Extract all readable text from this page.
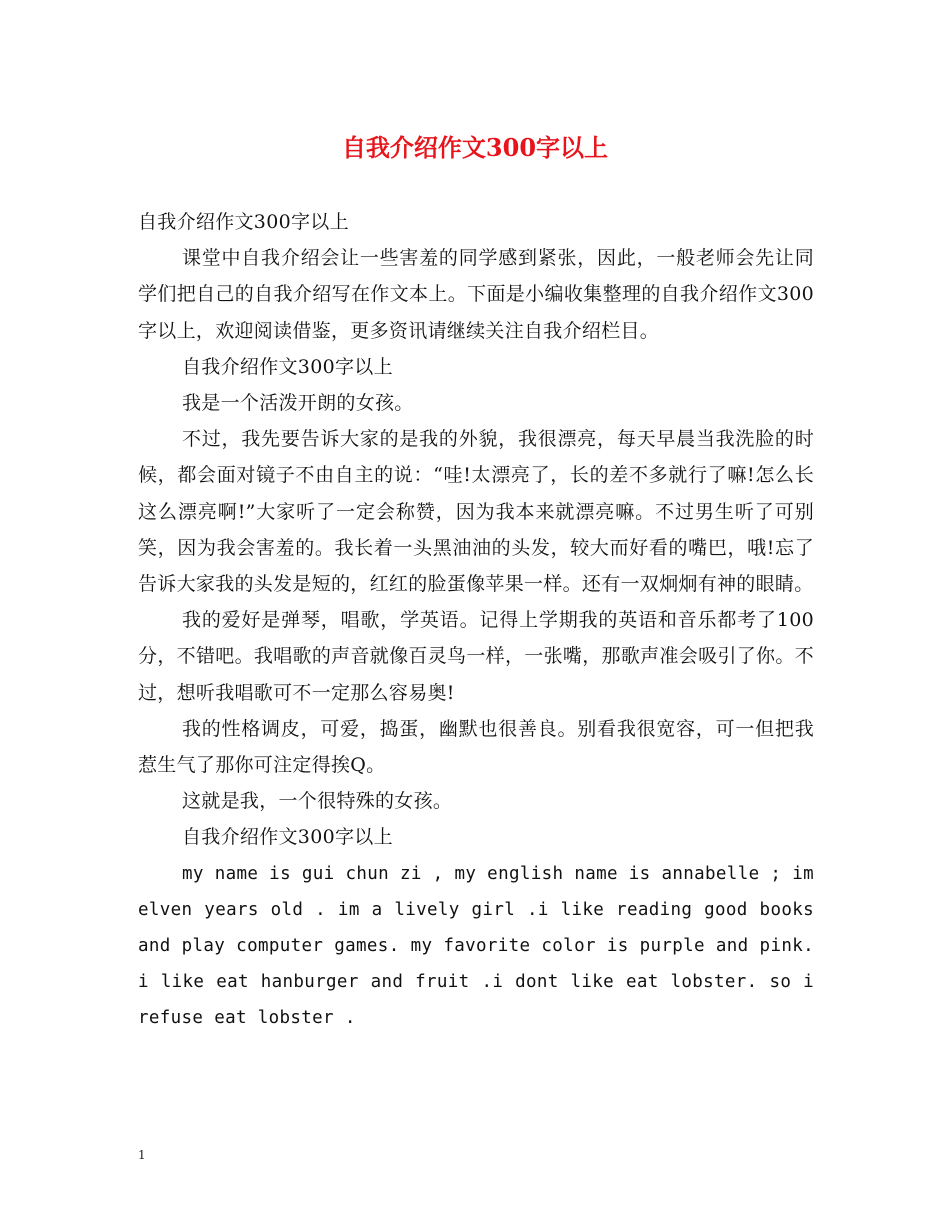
自我介绍作文300字以上

自我介绍作文300字以上

课堂中自我介绍会让一些害羞的同学感到紧张，因此，一般老师会先让同学们把自己的自我介绍写在作文本上。下面是小编收集整理的自我介绍作文300字以上，欢迎阅读借鉴，更多资讯请继续关注自我介绍栏目。

自我介绍作文300字以上

我是一个活泼开朗的女孩。

不过，我先要告诉大家的是我的外貌，我很漂亮，每天早晨当我洗脸的时候，都会面对镜子不由自主的说：“哇!太漂亮了，长的差不多就行了嘛!怎么长这么漂亮啊!”大家听了一定会称赞，因为我本来就漂亮嘛。不过男生听了可别笑，因为我会害羞的。我长着一头黑油油的头发，较大而好看的嘴巴，哦!忘了告诉大家我的头发是短的，红红的脸蛋像苹果一样。还有一双炯炯有神的眼睛。

我的爱好是弹琴，唱歌，学英语。记得上学期我的英语和音乐都考了100分，不错吧。我唱歌的声音就像百灵鸟一样，一张嘴，那歌声准会吸引了你。不过，想听我唱歌可不一定那么容易奥!

我的性格调皮，可爱，捣蛋，幽默也很善良。别看我很宽容，可一但把我惹生气了那你可注定得挨Q。

这就是我，一个很特殊的女孩。

自我介绍作文300字以上

my name is gui chun zi , my english name is annabelle ; im elven years old . im a lively girl .i like reading good books and play computer games. my favorite color is purple and pink. i like eat hanburger and fruit .i dont like eat lobster. so i refuse eat lobster .

1
